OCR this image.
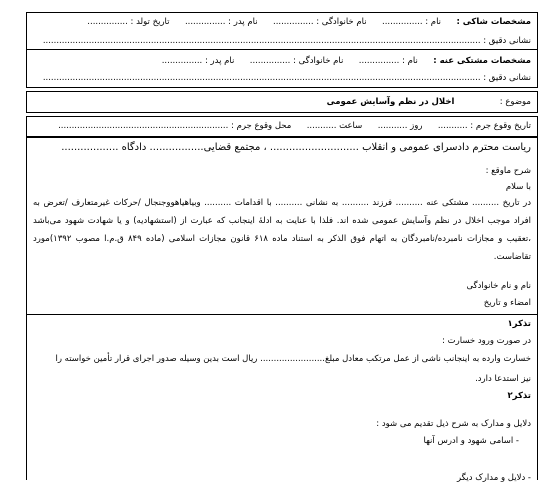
مشخصات شاکی :  نام : ...............  نام خانوادگی : ...............  نام پدر : ...............  تاریخ تولد : ...............
نشانی دقیق : ..................................................................................................................................................................
مشخصات مشتکی عنه :  نام : ...............  نام خانوادگی : ...............  نام پدر : ...............
نشانی دقیق : ..................................................................................................................................................................
موضوع :  اخلال در نظم وآسایش عمومی
تاریخ وقوع جرم : ...........  روز ...........  ساعت ...........  محل وقوع جرم : ...............................................................
ریاست محترم دادسرای عمومی و انقلاب ............................ ، مجتمع قضایی................. دادگاه ..................
شرح ماوقع :
با سلام
در تاریخ .......... مشتکی عنه .......... فرزند .......... به نشانی .......... با اقدامات .......... وبیاهیاهووجنجال /حرکات غیرمتعارف /تعرض به افراد موجب اخلال در نظم وآسایش عمومی شده اند. فلذا با عنایت به ادلهٔ اینجانب که عبارت از (استشهادیه) و یا شهادت شهود می‌باشد ،تعقیب و مجازات نامبرده/نامبردگان به اتهام فوق الذکر به استناد ماده ۶۱۸ قانون مجازات اسلامی (ماده ۸۴۹ ق.م.ا مصوب ۱۳۹۲)مورد تقاضاست.
نام و نام خانوادگی
امضاء و تاریخ
تذکر۱
در صورت ورود خسارت :
خسارت وارده به اینجانب ناشی از عمل مرتکب معادل مبلغ........................ ریال است بدین وسیله صدور اجرای قرار تأمین خواسته را
نیز استدعا دارد.
تذکر۲
دلایل و مدارک به شرح ذیل تقدیم می شود :
- اسامی شهود و ادرس آنها
- دلایل و مدارک دیگر
